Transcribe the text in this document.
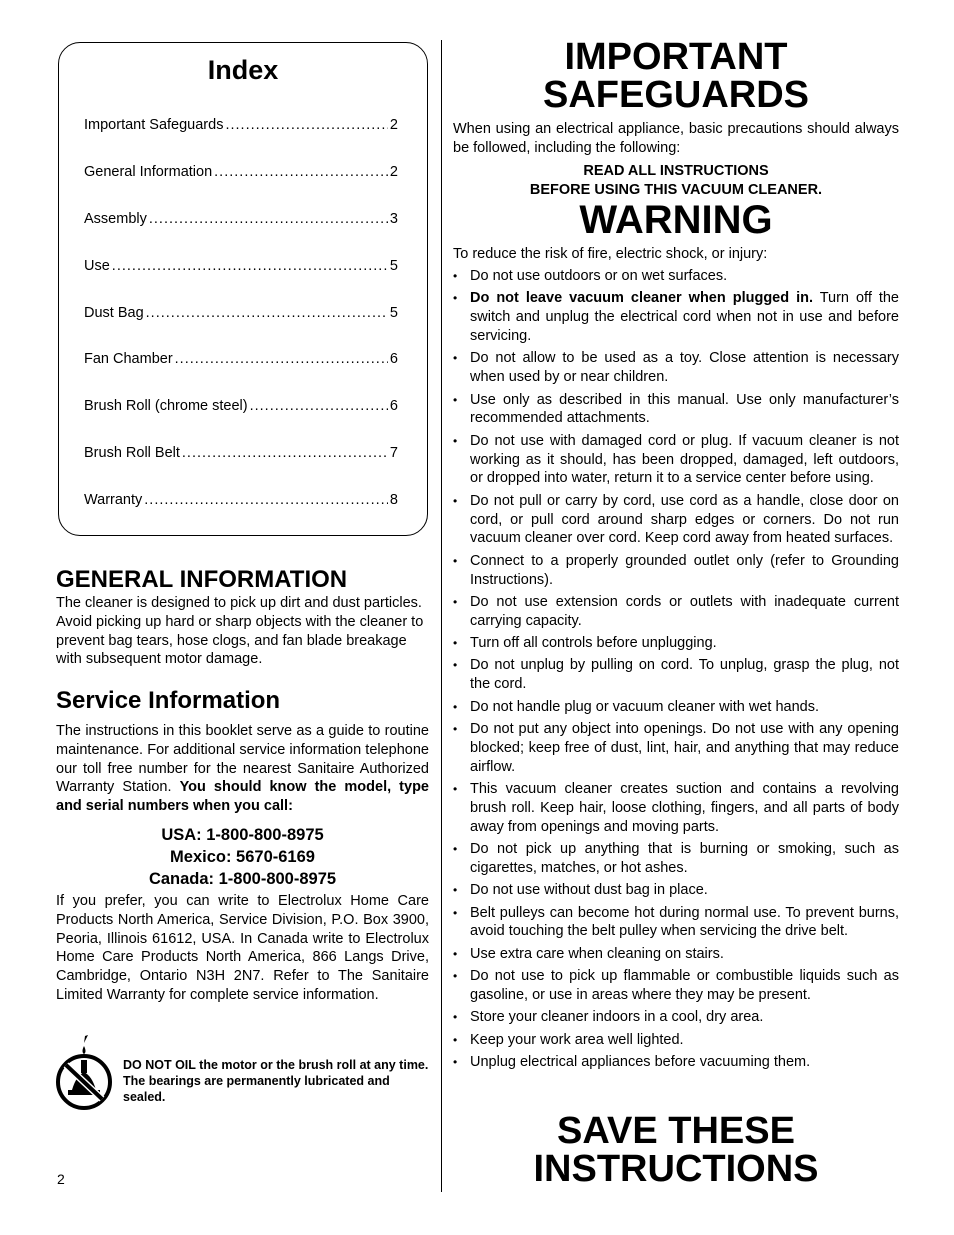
Index
Important Safeguards .....	2
General Information .....	2
Assembly .....	3
Use .....	5
Dust Bag .....	5
Fan Chamber .....	6
Brush Roll (chrome steel) .....	6
Brush Roll Belt .....	7
Warranty .....	8
GENERAL INFORMATION
The cleaner is designed to pick up dirt and dust particles. Avoid picking up hard or sharp objects with the cleaner to prevent bag tears, hose clogs, and fan blade breakage with subsequent motor damage.
Service Information
The instructions in this booklet serve as a guide to routine maintenance. For additional service information telephone our toll free number for the nearest Sanitaire Authorized Warranty Station. You should know the model, type and serial numbers when you call:
USA: 1-800-800-8975
Mexico: 5670-6169
Canada: 1-800-800-8975
If you prefer, you can write to Electrolux Home Care Products North America, Service Division, P.O. Box 3900, Peoria, Illinois 61612, USA. In Canada write to Electrolux Home Care Products North America, 866 Langs Drive, Cambridge, Ontario N3H 2N7. Refer to The Sanitaire Limited Warranty for complete service information.
DO NOT OIL the motor or the brush roll at any time. The bearings are permanently lubricated and sealed.
2
IMPORTANT
SAFEGUARDS
When using an electrical appliance, basic precautions should always be followed, including the following:
READ ALL INSTRUCTIONS
BEFORE USING THIS VACUUM CLEANER.
WARNING
To reduce the risk of fire, electric shock, or injury:
• Do not use outdoors or on wet surfaces.
• Do not leave vacuum cleaner when plugged in. Turn off the switch and unplug the electrical cord when not in use and before servicing.
• Do not allow to be used as a toy. Close attention is necessary when used by or near children.
• Use only as described in this manual. Use only manufacturer’s recommended attachments.
• Do not use with damaged cord or plug. If vacuum cleaner is not working as it should, has been dropped, damaged, left outdoors, or dropped into water, return it to a service center before using.
• Do not pull or carry by cord, use cord as a handle, close door on cord, or pull cord around sharp edges or corners. Do not run vacuum cleaner over cord. Keep cord away from heated surfaces.
• Connect to a properly grounded outlet only (refer to Grounding Instructions).
• Do not use extension cords or outlets with inadequate current carrying capacity.
• Turn off all controls before unplugging.
• Do not unplug by pulling on cord. To unplug, grasp the plug, not the cord.
• Do not handle plug or vacuum cleaner with wet hands.
• Do not put any object into openings. Do not use with any opening blocked; keep free of dust, lint, hair, and anything that may reduce airflow.
• This vacuum cleaner creates suction and contains a revolving brush roll. Keep hair, loose clothing, fingers, and all parts of body away from openings and moving parts.
• Do not pick up anything that is burning or smoking, such as cigarettes, matches, or hot ashes.
• Do not use without dust bag in place.
• Belt pulleys can become hot during normal use. To prevent burns, avoid touching the belt pulley when servicing the drive belt.
• Use extra care when cleaning on stairs.
• Do not use to pick up flammable or combustible liquids such as gasoline, or use in areas where they may be present.
• Store your cleaner indoors in a cool, dry area.
• Keep your work area well lighted.
• Unplug electrical appliances before vacuuming them.
SAVE THESE
INSTRUCTIONS
